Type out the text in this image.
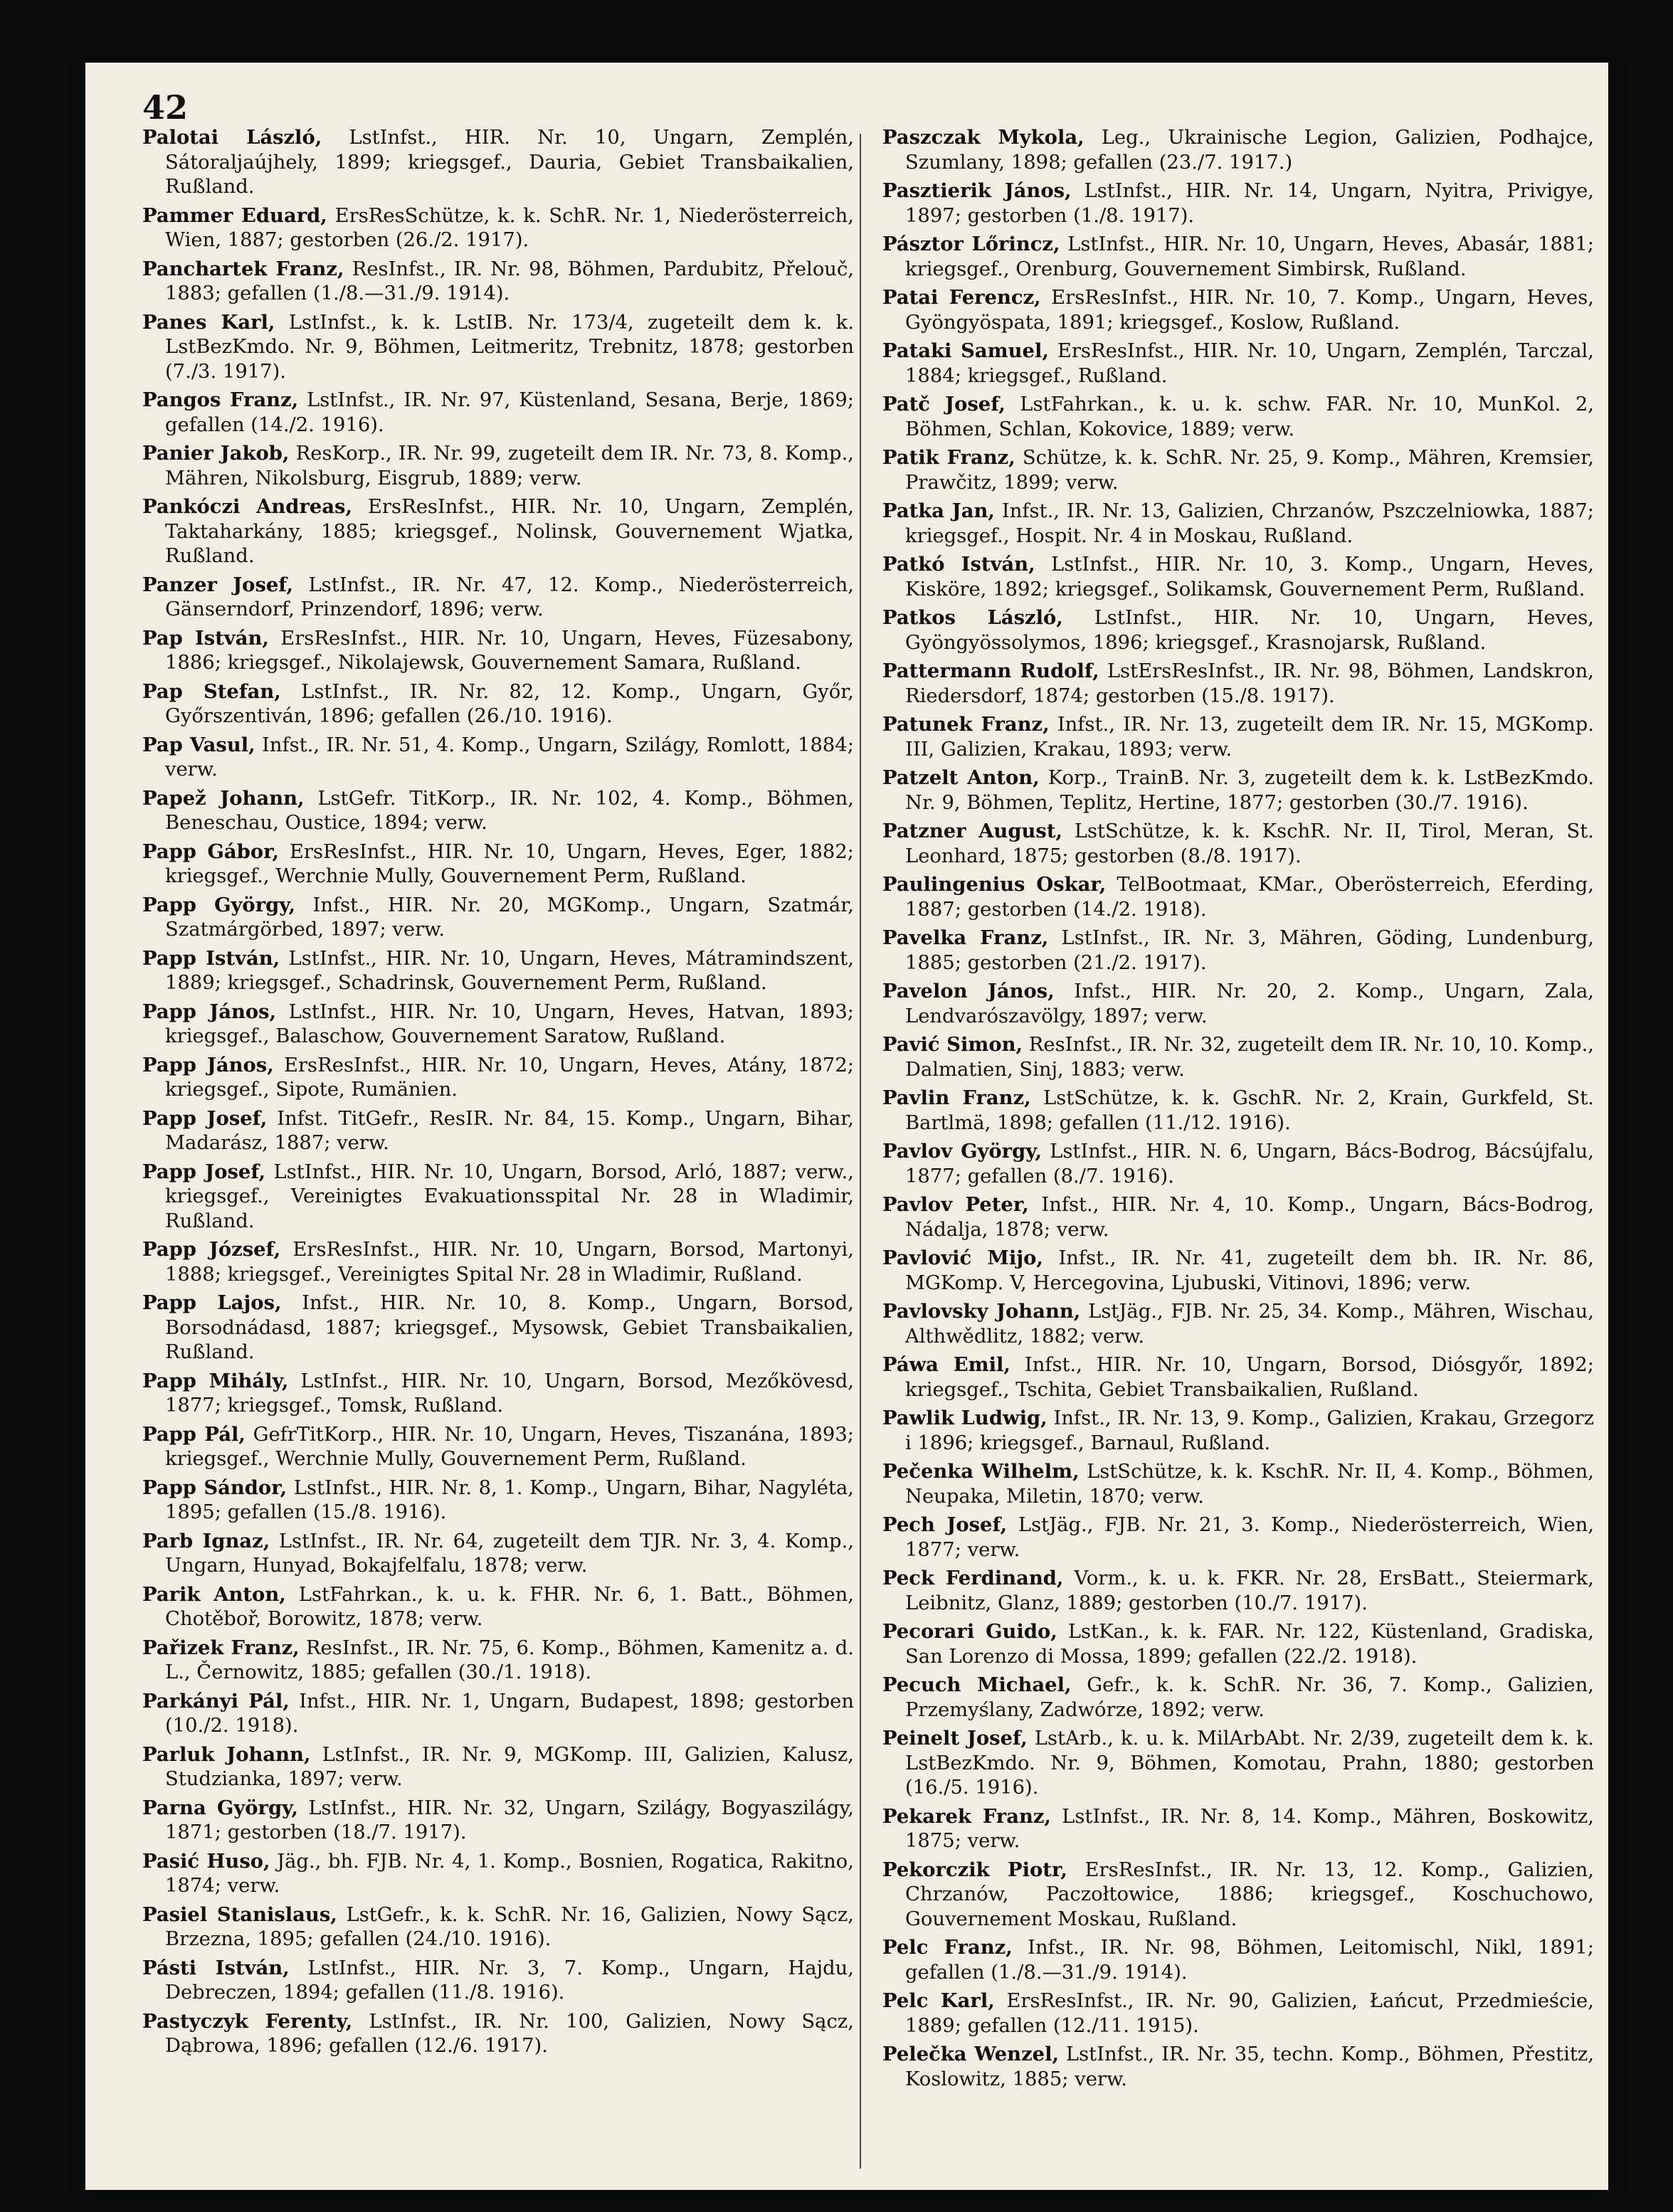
42

Palotai László, LstInfst., HIR. Nr. 10, Ungarn, Zemplén, Sátoraljaújhely, 1899; kriegsgef., Dauria, Gebiet Transbaikalien, Rußland.

Pammer Eduard, ErsResSchütze, k. k. SchR. Nr. 1, Niederösterreich, Wien, 1887; gestorben (26./2. 1917).

Panchartek Franz, ResInfst., IR. Nr. 98, Böhmen, Pardubitz, Přelouč, 1883; gefallen (1./8.—31./9. 1914).

Panes Karl, LstInfst., k. k. LstIB. Nr. 173/4, zugeteilt dem k. k. LstBezKmdo. Nr. 9, Böhmen, Leitmeritz, Trebnitz, 1878; gestorben (7./3. 1917).

Pangos Franz, LstInfst., IR. Nr. 97, Küstenland, Sesana, Berje, 1869; gefallen (14./2. 1916).

Panier Jakob, ResKorp., IR. Nr. 99, zugeteilt dem IR. Nr. 73, 8. Komp., Mähren, Nikolsburg, Eisgrub, 1889; verw.

Pankóczi Andreas, ErsResInfst., HIR. Nr. 10, Ungarn, Zemplén, Taktaharkány, 1885; kriegsgef., Nolinsk, Gouvernement Wjatka, Rußland.

Panzer Josef, LstInfst., IR. Nr. 47, 12. Komp., Niederösterreich, Gänserndorf, Prinzendorf, 1896; verw.

Pap István, ErsResInfst., HIR. Nr. 10, Ungarn, Heves, Füzesabony, 1886; kriegsgef., Nikolajewsk, Gouvernement Samara, Rußland.

Pap Stefan, LstInfst., IR. Nr. 82, 12. Komp., Ungarn, Győr, Győrszentiván, 1896; gefallen (26./10. 1916).

Pap Vasul, Infst., IR. Nr. 51, 4. Komp., Ungarn, Szilágy, Romlott, 1884; verw.

Papež Johann, LstGefr. TitKorp., IR. Nr. 102, 4. Komp., Böhmen, Beneschau, Oustice, 1894; verw.

Papp Gábor, ErsResInfst., HIR. Nr. 10, Ungarn, Heves, Eger, 1882; kriegsgef., Werchnie Mully, Gouvernement Perm, Rußland.

Papp György, Infst., HIR. Nr. 20, MGKomp., Ungarn, Szatmár, Szatmárgörbed, 1897; verw.

Papp István, LstInfst., HIR. Nr. 10, Ungarn, Heves, Mátramindszent, 1889; kriegsgef., Schadrinsk, Gouvernement Perm, Rußland.

Papp János, LstInfst., HIR. Nr. 10, Ungarn, Heves, Hatvan, 1893; kriegsgef., Balaschow, Gouvernement Saratow, Rußland.

Papp János, ErsResInfst., HIR. Nr. 10, Ungarn, Heves, Atány, 1872; kriegsgef., Sipote, Rumänien.

Papp Josef, Infst. TitGefr., ResIR. Nr. 84, 15. Komp., Ungarn, Bihar, Madarász, 1887; verw.

Papp Josef, LstInfst., HIR. Nr. 10, Ungarn, Borsod, Arló, 1887; verw., kriegsgef., Vereinigtes Evakuationsspital Nr. 28 in Wladimir, Rußland.

Papp József, ErsResInfst., HIR. Nr. 10, Ungarn, Borsod, Martonyi, 1888; kriegsgef., Vereinigtes Spital Nr. 28 in Wladimir, Rußland.

Papp Lajos, Infst., HIR. Nr. 10, 8. Komp., Ungarn, Borsod, Borsodnádasd, 1887; kriegsgef., Mysowsk, Gebiet Transbaikalien, Rußland.

Papp Mihály, LstInfst., HIR. Nr. 10, Ungarn, Borsod, Mezőkövesd, 1877; kriegsgef., Tomsk, Rußland.

Papp Pál, GefrTitKorp., HIR. Nr. 10, Ungarn, Heves, Tiszanána, 1893; kriegsgef., Werchnie Mully, Gouvernement Perm, Rußland.

Papp Sándor, LstInfst., HIR. Nr. 8, 1. Komp., Ungarn, Bihar, Nagyléta, 1895; gefallen (15./8. 1916).

Parb Ignaz, LstInfst., IR. Nr. 64, zugeteilt dem TJR. Nr. 3, 4. Komp., Ungarn, Hunyad, Bokajfelfalu, 1878; verw.

Parik Anton, LstFahrkan., k. u. k. FHR. Nr. 6, 1. Batt., Böhmen, Chotěboř, Borowitz, 1878; verw.

Pařizek Franz, ResInfst., IR. Nr. 75, 6. Komp., Böhmen, Kamenitz a. d. L., Černowitz, 1885; gefallen (30./1. 1918).

Parkányi Pál, Infst., HIR. Nr. 1, Ungarn, Budapest, 1898; gestorben (10./2. 1918).

Parluk Johann, LstInfst., IR. Nr. 9, MGKomp. III, Galizien, Kalusz, Studzianka, 1897; verw.

Parna György, LstInfst., HIR. Nr. 32, Ungarn, Szilágy, Bogyaszilágy, 1871; gestorben (18./7. 1917).

Pasić Huso, Jäg., bh. FJB. Nr. 4, 1. Komp., Bosnien, Rogatica, Rakitno, 1874; verw.

Pasiel Stanislaus, LstGefr., k. k. SchR. Nr. 16, Galizien, Nowy Sącz, Brzezna, 1895; gefallen (24./10. 1916).

Pásti István, LstInfst., HIR. Nr. 3, 7. Komp., Ungarn, Hajdu, Debreczen, 1894; gefallen (11./8. 1916).

Pastyczyk Ferenty, LstInfst., IR. Nr. 100, Galizien, Nowy Sącz, Dąbrowa, 1896; gefallen (12./6. 1917).

Paszczak Mykola, Leg., Ukrainische Legion, Galizien, Podhajce, Szumlany, 1898; gefallen (23./7. 1917.)

Pasztierik János, LstInfst., HIR. Nr. 14, Ungarn, Nyitra, Privigye, 1897; gestorben (1./8. 1917).

Pásztor Lőrincz, LstInfst., HIR. Nr. 10, Ungarn, Heves, Abasár, 1881; kriegsgef., Orenburg, Gouvernement Simbirsk, Rußland.

Patai Ferencz, ErsResInfst., HIR. Nr. 10, 7. Komp., Ungarn, Heves, Gyöngyöspata, 1891; kriegsgef., Koslow, Rußland.

Pataki Samuel, ErsResInfst., HIR. Nr. 10, Ungarn, Zemplén, Tarczal, 1884; kriegsgef., Rußland.

Patč Josef, LstFahrkan., k. u. k. schw. FAR. Nr. 10, MunKol. 2, Böhmen, Schlan, Kokovice, 1889; verw.

Patik Franz, Schütze, k. k. SchR. Nr. 25, 9. Komp., Mähren, Kremsier, Prawčitz, 1899; verw.

Patka Jan, Infst., IR. Nr. 13, Galizien, Chrzanów, Pszczelniowka, 1887; kriegsgef., Hospit. Nr. 4 in Moskau, Rußland.

Patkó István, LstInfst., HIR. Nr. 10, 3. Komp., Ungarn, Heves, Kisköre, 1892; kriegsgef., Solikamsk, Gouvernement Perm, Rußland.

Patkos László, LstInfst., HIR. Nr. 10, Ungarn, Heves, Gyöngyössolymos, 1896; kriegsgef., Krasnojarsk, Rußland.

Pattermann Rudolf, LstErsResInfst., IR. Nr. 98, Böhmen, Landskron, Riedersdorf, 1874; gestorben (15./8. 1917).

Patunek Franz, Infst., IR. Nr. 13, zugeteilt dem IR. Nr. 15, MGKomp. III, Galizien, Krakau, 1893; verw.

Patzelt Anton, Korp., TrainB. Nr. 3, zugeteilt dem k. k. LstBezKmdo. Nr. 9, Böhmen, Teplitz, Hertine, 1877; gestorben (30./7. 1916).

Patzner August, LstSchütze, k. k. KschR. Nr. II, Tirol, Meran, St. Leonhard, 1875; gestorben (8./8. 1917).

Paulingenius Oskar, TelBootmaat, KMar., Oberösterreich, Eferding, 1887; gestorben (14./2. 1918).

Pavelka Franz, LstInfst., IR. Nr. 3, Mähren, Göding, Lundenburg, 1885; gestorben (21./2. 1917).

Pavelon János, Infst., HIR. Nr. 20, 2. Komp., Ungarn, Zala, Lendvarószavölgy, 1897; verw.

Pavić Simon, ResInfst., IR. Nr. 32, zugeteilt dem IR. Nr. 10, 10. Komp., Dalmatien, Sinj, 1883; verw.

Pavlin Franz, LstSchütze, k. k. GschR. Nr. 2, Krain, Gurkfeld, St. Bartlmä, 1898; gefallen (11./12. 1916).

Pavlov György, LstInfst., HIR. N. 6, Ungarn, Bács-Bodrog, Bácsújfalu, 1877; gefallen (8./7. 1916).

Pavlov Peter, Infst., HIR. Nr. 4, 10. Komp., Ungarn, Bács-Bodrog, Nádalja, 1878; verw.

Pavlović Mijo, Infst., IR. Nr. 41, zugeteilt dem bh. IR. Nr. 86, MGKomp. V, Hercegovina, Ljubuski, Vitinovi, 1896; verw.

Pavlovsky Johann, LstJäg., FJB. Nr. 25, 34. Komp., Mähren, Wischau, Althwědlitz, 1882; verw.

Páwa Emil, Infst., HIR. Nr. 10, Ungarn, Borsod, Diósgyőr, 1892; kriegsgef., Tschita, Gebiet Transbaikalien, Rußland.

Pawlik Ludwig, Infst., IR. Nr. 13, 9. Komp., Galizien, Krakau, Grzegorz i 1896; kriegsgef., Barnaul, Rußland.

Pečenka Wilhelm, LstSchütze, k. k. KschR. Nr. II, 4. Komp., Böhmen, Neupaka, Miletin, 1870; verw.

Pech Josef, LstJäg., FJB. Nr. 21, 3. Komp., Niederösterreich, Wien, 1877; verw.

Peck Ferdinand, Vorm., k. u. k. FKR. Nr. 28, ErsBatt., Steiermark, Leibnitz, Glanz, 1889; gestorben (10./7. 1917).

Pecorari Guido, LstKan., k. k. FAR. Nr. 122, Küstenland, Gradiska, San Lorenzo di Mossa, 1899; gefallen (22./2. 1918).

Pecuch Michael, Gefr., k. k. SchR. Nr. 36, 7. Komp., Galizien, Przemyślany, Zadwórze, 1892; verw.

Peinelt Josef, LstArb., k. u. k. MilArbAbt. Nr. 2/39, zugeteilt dem k. k. LstBezKmdo. Nr. 9, Böhmen, Komotau, Prahn, 1880; gestorben (16./5. 1916).

Pekarek Franz, LstInfst., IR. Nr. 8, 14. Komp., Mähren, Boskowitz, 1875; verw.

Pekorczik Piotr, ErsResInfst., IR. Nr. 13, 12. Komp., Galizien, Chrzanów, Paczołtowice, 1886; kriegsgef., Koschuchowo, Gouvernement Moskau, Rußland.

Pelc Franz, Infst., IR. Nr. 98, Böhmen, Leitomischl, Nikl, 1891; gefallen (1./8.—31./9. 1914).

Pelc Karl, ErsResInfst., IR. Nr. 90, Galizien, Łańcut, Przedmieście, 1889; gefallen (12./11. 1915).

Pelečka Wenzel, LstInfst., IR. Nr. 35, techn. Komp., Böhmen, Přestitz, Koslowitz, 1885; verw.
